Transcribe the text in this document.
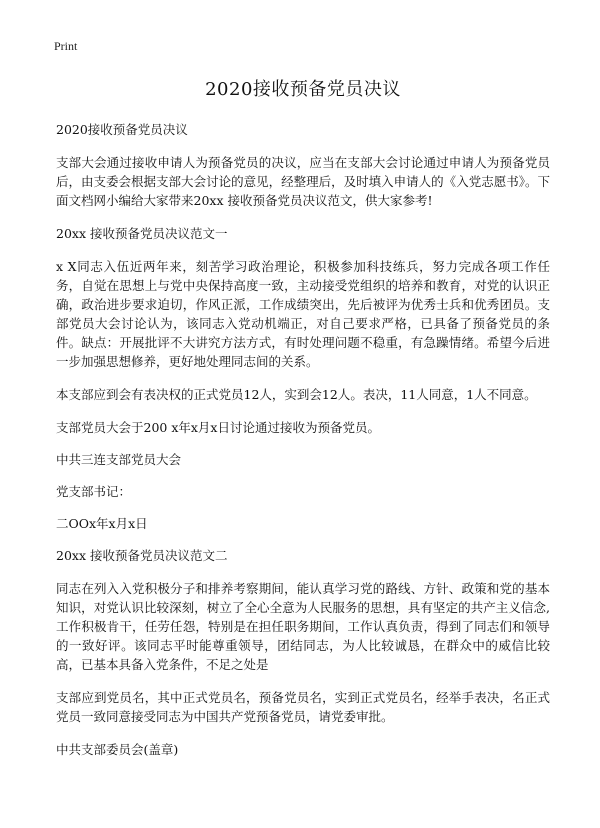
Print
2020接收预备党员决议
2020接收预备党员决议
支部大会通过接收申请人为预备党员的决议，应当在支部大会讨论通过申请人为预备党员后，由支委会根据支部大会讨论的意见，经整理后，及时填入申请人的《入党志愿书》。下面文档网小编给大家带来20xx 接收预备党员决议范文，供大家参考!
20xx 接收预备党员决议范文一
x X同志入伍近两年来，刻苦学习政治理论，积极参加科技练兵，努力完成各项工作任务，自觉在思想上与党中央保持高度一致，主动接受党组织的培养和教育，对党的认识正确，政治进步要求迫切，作风正派，工作成绩突出，先后被评为优秀士兵和优秀团员。支部党员大会讨论认为，该同志入党动机端正，对自己要求严格，已具备了预备党员的条件。缺点：开展批评不大讲究方法方式，有时处理问题不稳重，有急躁情绪。希望今后进一步加强思想修养，更好地处理同志间的关系。
本支部应到会有表决权的正式党员12人，实到会12人。表决，11人同意，1人不同意。
支部党员大会于200 x年x月x日讨论通过接收为预备党员。
中共三连支部党员大会
党支部书记：
二OOx年x月x日
20xx 接收预备党员决议范文二
同志在列入入党积极分子和排养考察期间，能认真学习党的路线、方针、政策和党的基本知识，对党认识比较深刻，树立了全心全意为人民服务的思想，具有坚定的共产主义信念,工作积极肯干，任劳任怨，特别是在担任职务期间，工作认真负责，得到了同志们和领导的一致好评。该同志平时能尊重领导，团结同志，为人比较诚恳，在群众中的威信比较高，已基本具备入党条件，不足之处是
支部应到党员名，其中正式党员名，预备党员名，实到正式党员名，经举手表决，名正式党员一致同意接受同志为中国共产党预备党员，请党委审批。
中共支部委员会(盖章)
